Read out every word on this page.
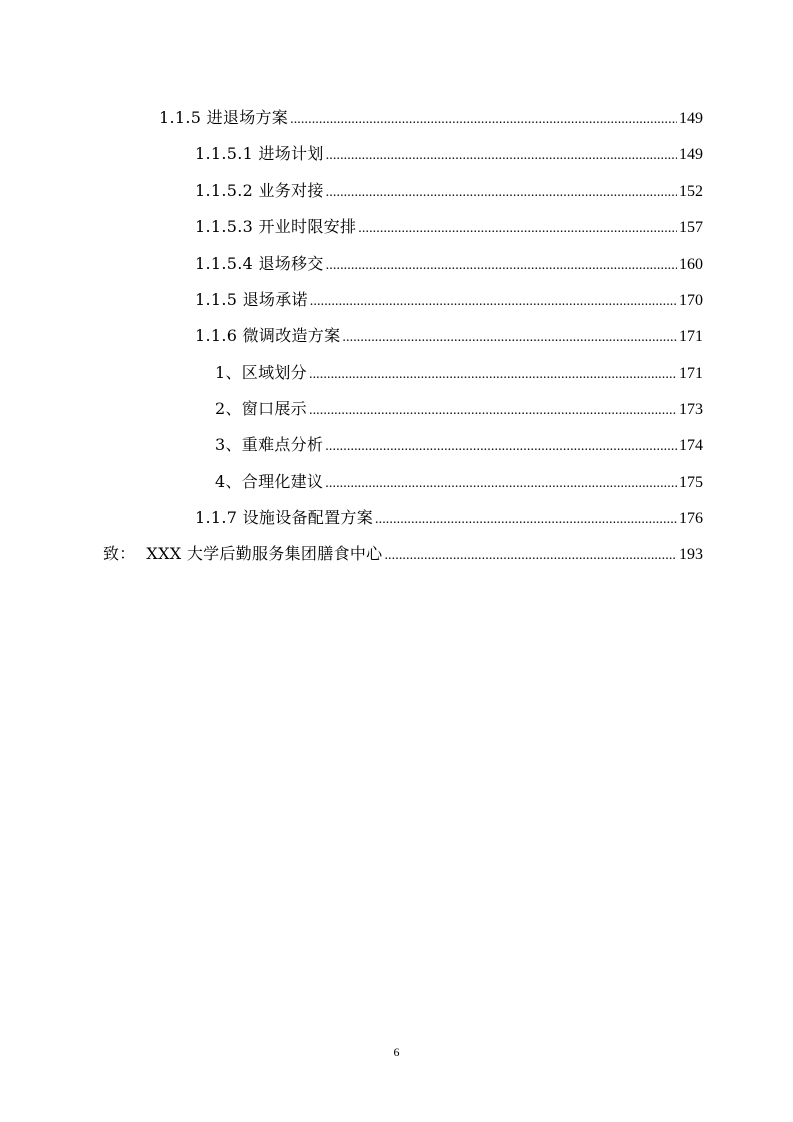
1.1.5 进退场方案 .....	149
1.1.5.1 进场计划 .....	149
1.1.5.2 业务对接 .....	152
1.1.5.3 开业时限安排 .....	157
1.1.5.4 退场移交 .....	160
1.1.5 退场承诺 .....	170
1.1.6 微调改造方案 .....	171
1、区域划分 .....	171
2、窗口展示 .....	173
3、重难点分析 .....	174
4、合理化建议 .....	175
1.1.7 设施设备配置方案 .....	176
致：  XXX 大学后勤服务集团膳食中心 .....	193
6
